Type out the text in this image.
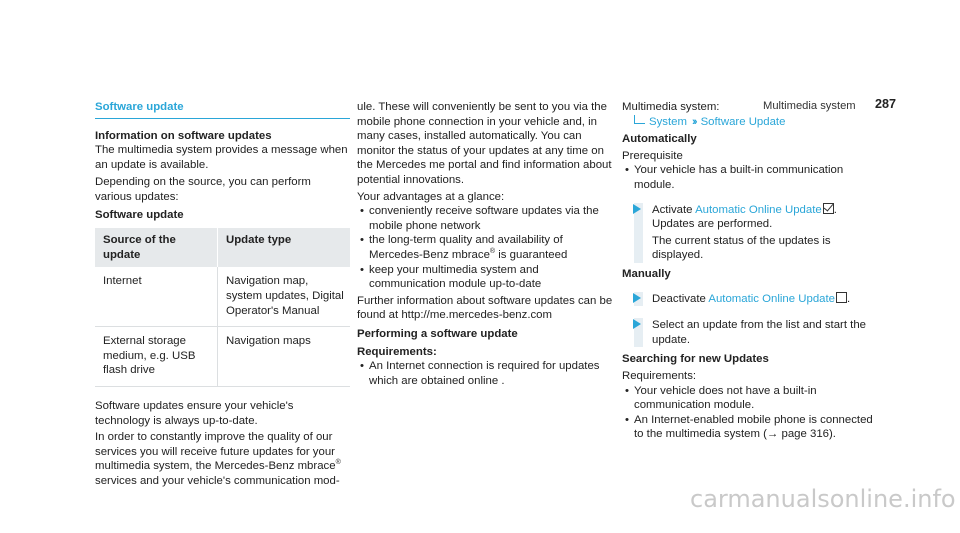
Multimedia system 287
Software update

Information on software updates

The multimedia system provides a message when an update is available.

Depending on the source, you can perform various updates:

Software update

Source of the update	Update type
Internet	Navigation map, system updates, Digital Operator's Manual
External storage medium, e.g. USB flash drive	Navigation maps

Software updates ensure your vehicle's technology is always up-to-date.

In order to constantly improve the quality of our services you will receive future updates for your multimedia system, the Mercedes-Benz mbrace® services and your vehicle's communication mod-

ule. These will conveniently be sent to you via the mobile phone connection in your vehicle and, in many cases, installed automatically. You can monitor the status of your updates at any time on the Mercedes me portal and find information about potential innovations.

Your advantages at a glance:

• conveniently receive software updates via the mobile phone network
• the long-term quality and availability of Mercedes-Benz mbrace® is guaranteed
• keep your multimedia system and communication module up-to-date

Further information about software updates can be found at http://me.mercedes-benz.com

Performing a software update

Requirements:

• An Internet connection is required for updates which are obtained online .

Multimedia system:

System ›› Software Update

Automatically

Prerequisite

• Your vehicle has a built-in communication module.

Activate Automatic Online Update .

Updates are performed.

The current status of the updates is displayed.

Manually

Deactivate Automatic Online Update .

Select an update from the list and start the update.

Searching for new Updates

Requirements:

• Your vehicle does not have a built-in communication module.
• An Internet-enabled mobile phone is connected to the multimedia system (→ page 316).
carmanualsonline.info
